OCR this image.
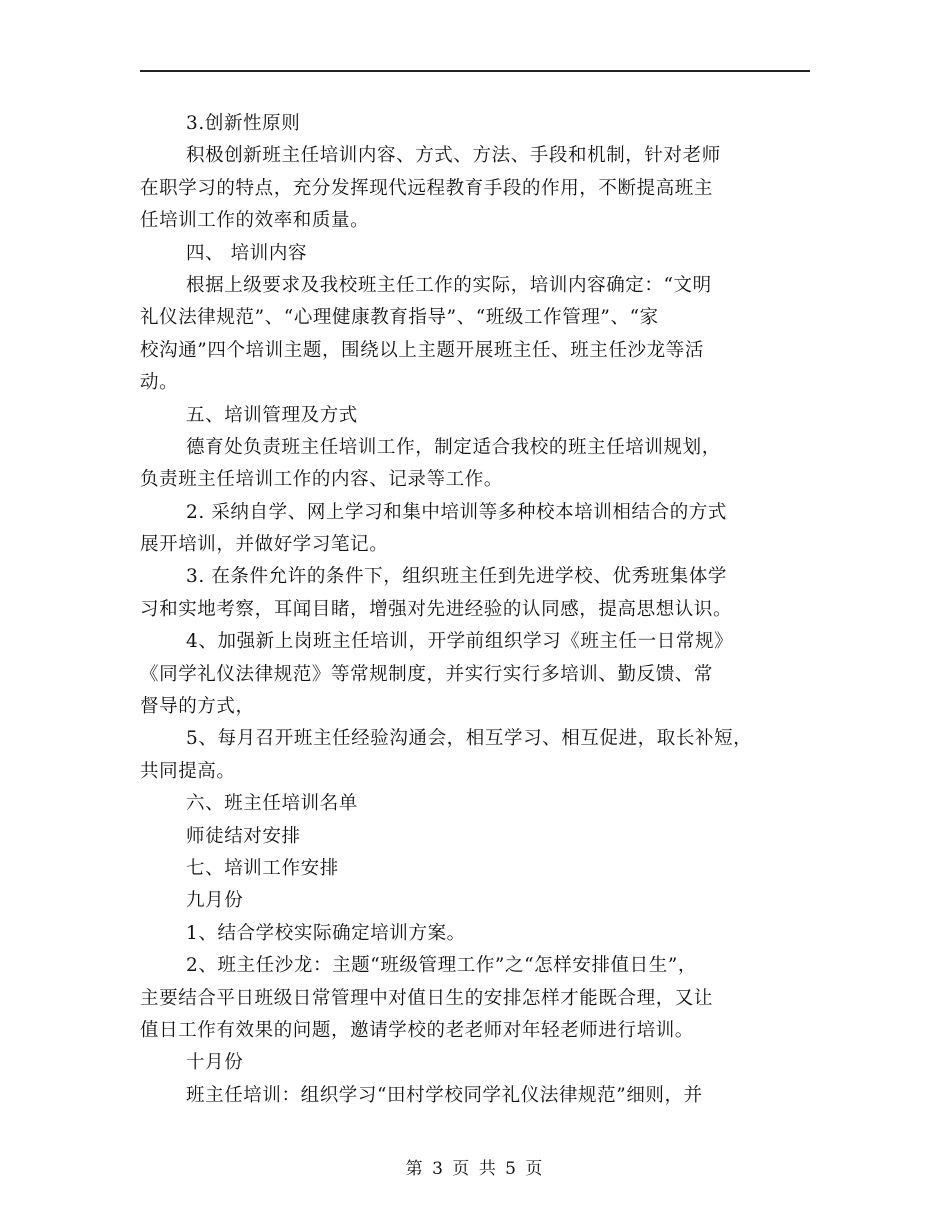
3.创新性原则
积极创新班主任培训内容、方式、方法、手段和机制，针对老师
在职学习的特点，充分发挥现代远程教育手段的作用，不断提高班主
任培训工作的效率和质量。
四、 培训内容
根据上级要求及我校班主任工作的实际，培训内容确定：“文明
礼仪法律规范”、“心理健康教育指导”、“班级工作管理”、“家
校沟通”四个培训主题，围绕以上主题开展班主任、班主任沙龙等活
动。
五、培训管理及方式
德育处负责班主任培训工作，制定适合我校的班主任培训规划，
负责班主任培训工作的内容、记录等工作。
2. 采纳自学、网上学习和集中培训等多种校本培训相结合的方式
展开培训，并做好学习笔记。
3. 在条件允许的条件下，组织班主任到先进学校、优秀班集体学
习和实地考察，耳闻目睹，增强对先进经验的认同感，提高思想认识。
4、加强新上岗班主任培训，开学前组织学习《班主任一日常规》
《同学礼仪法律规范》等常规制度，并实行实行多培训、勤反馈、常
督导的方式，
5、每月召开班主任经验沟通会，相互学习、相互促进，取长补短，
共同提高。
六、班主任培训名单
师徒结对安排
七、培训工作安排
九月份
1、结合学校实际确定培训方案。
2、班主任沙龙：主题“班级管理工作”之“怎样安排值日生”，
主要结合平日班级日常管理中对值日生的安排怎样才能既合理，又让
值日工作有效果的问题，邀请学校的老老师对年轻老师进行培训。
十月份
班主任培训：组织学习“田村学校同学礼仪法律规范”细则，并
第 3 页 共 5 页
